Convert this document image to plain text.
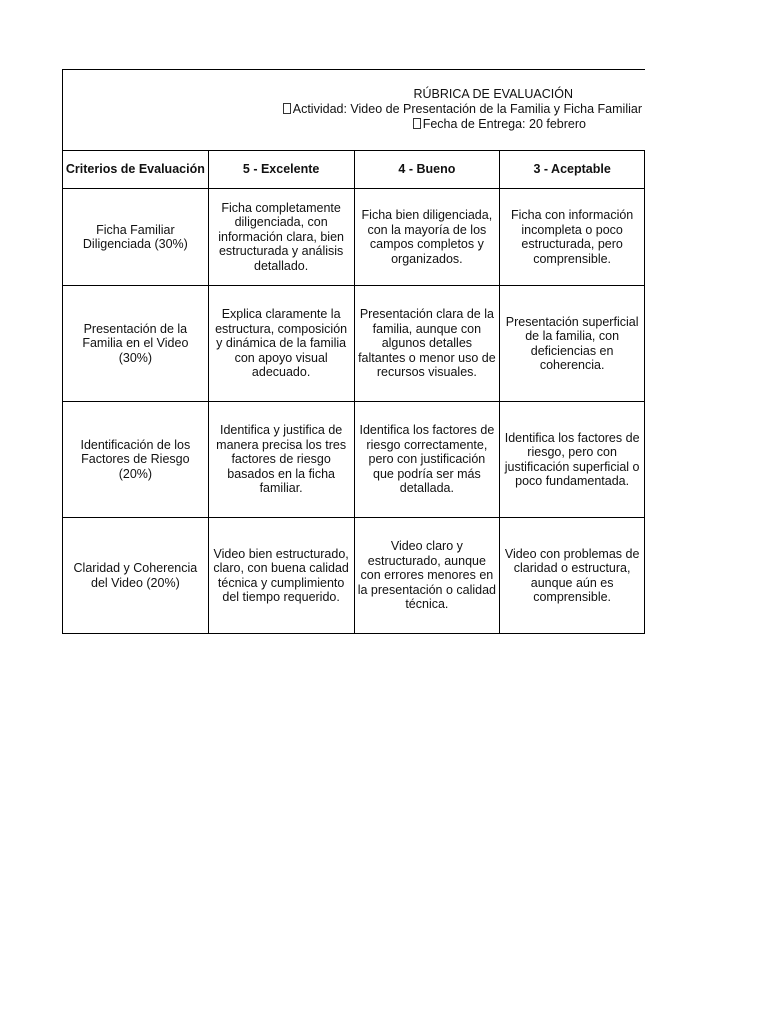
RÚBRICA DE EVALUACIÓN
Actividad: Video de Presentación de la Familia y Ficha Familiar
Fecha de Entrega: 20 febrero
Criterios de Evaluación	5 - Excelente	4 - Bueno	3 - Aceptable
Ficha Familiar Diligenciada (30%)	Ficha completamente diligenciada, con información clara, bien estructurada y análisis detallado.	Ficha bien diligenciada, con la mayoría de los campos completos y organizados.	Ficha con información incompleta o poco estructurada, pero comprensible.
Presentación de la Familia en el Video (30%)	Explica claramente la estructura, composición y dinámica de la familia con apoyo visual adecuado.	Presentación clara de la familia, aunque con algunos detalles faltantes o menor uso de recursos visuales.	Presentación superficial de la familia, con deficiencias en coherencia.
Identificación de los Factores de Riesgo (20%)	Identifica y justifica de manera precisa los tres factores de riesgo basados en la ficha familiar.	Identifica los factores de riesgo correctamente, pero con justificación que podría ser más detallada.	Identifica los factores de riesgo, pero con justificación superficial o poco fundamentada.
Claridad y Coherencia del Video (20%)	Video bien estructurado, claro, con buena calidad técnica y cumplimiento del tiempo requerido.	Video claro y estructurado, aunque con errores menores en la presentación o calidad técnica.	Video con problemas de claridad o estructura, aunque aún es comprensible.
